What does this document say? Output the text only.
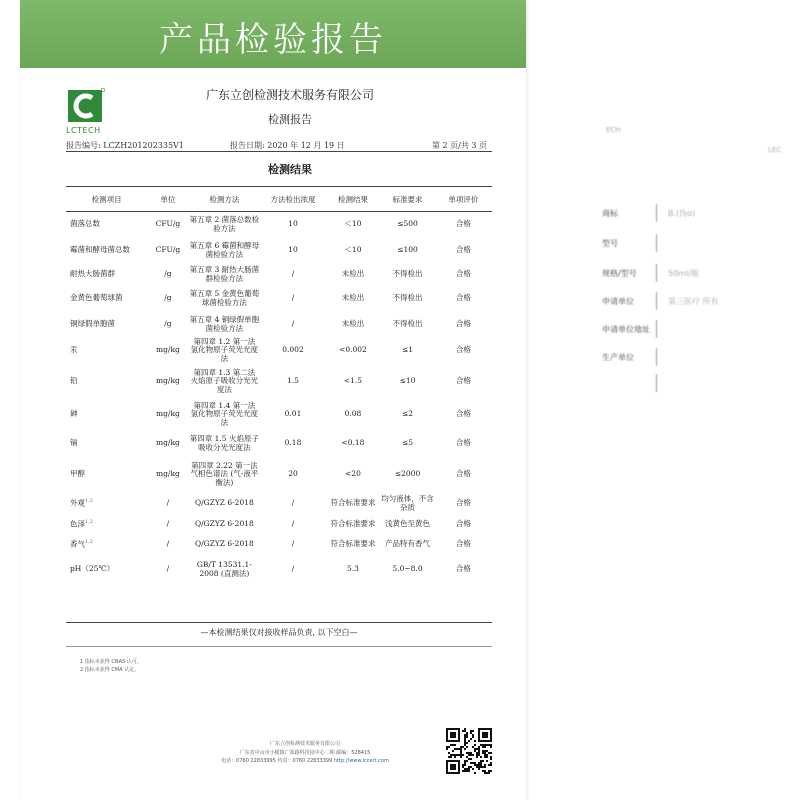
产品检验报告
LCTECH
广东立创检测技术服务有限公司
检测报告
报告编号: LCZH201202335V1	报告日期: 2020 年 12 月 19 日	第 2 页/共 3 页
检测结果
检测项目	单位	检测方法	方法检出浓度	检测结果	标准要求	单项评价
菌落总数	CFU/g	第五章 2 菌落总数检验方法	10	＜10	≤500	合格
霉菌和酵母菌总数	CFU/g	第五章 6 霉菌和酵母菌检验方法	10	＜10	≤100	合格
耐热大肠菌群	/g	第五章 3 耐热大肠菌群检验方法	/	未检出	不得检出	合格
金黄色葡萄球菌	/g	第五章 5 金黄色葡萄球菌检验方法	/	未检出	不得检出	合格
铜绿假单胞菌	/g	第五章 4 铜绿假单胞菌检验方法	/	未检出	不得检出	合格
汞	mg/kg	第四章 1.2 第一法 氢化物原子荧光光度法	0.002	<0.002	≤1	合格
铅	mg/kg	第四章 1.3 第二法 火焰原子吸收分光光度法	1.5	<1.5	≤10	合格
砷	mg/kg	第四章 1.4 第一法 氢化物原子荧光光度法	0.01	0.08	≤2	合格
镉	mg/kg	第四章 1.5 火焰原子吸收分光光度法	0.18	<0.18	≤5	合格
甲醇	mg/kg	第四章 2.22 第一法 气相色谱法 (气-液平衡法)	20	<20	≤2000	合格
外观$^{1,2}$	/	Q/GZYZ 6-2018	/	符合标准要求	均匀液体，不含杂质	合格
色泽$^{1,2}$	/	Q/GZYZ 6-2018	/	符合标准要求	浅黄色至黄色	合格
香气$^{1,2}$	/	Q/GZYZ 6-2018	/	符合标准要求	产品特有香气	合格
pH（25℃）	/	GB/T 13531.1-2008 (直测法)	/	5.3	5.0~8.0	合格
—本检测结果仅对接收样品负责, 以下空白—
1 指标未获得 CNAS 认可。
2 指标未获得 CMA 认定。
广东立创检测技术服务有限公司
广东省中山市小榄镇广源路科技园中心二期 邮编：528415
电话：0760 22833995 传真：0760 22833399 http://www.lccert.com
ECH
LEC
商标	B.(伪o)
型号
规格/型号	50ml/瓶
申请单位	第三医疗 所有
申请单位地址
生产单位
